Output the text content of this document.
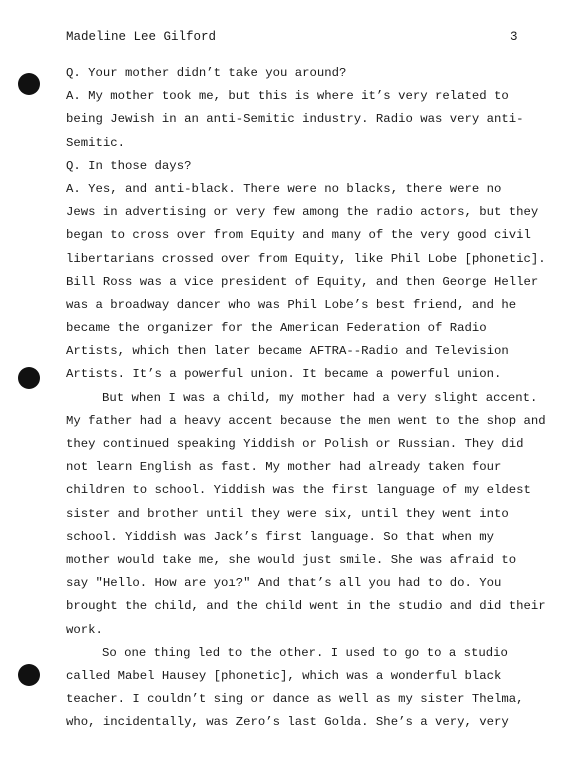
Madeline Lee Gilford	3
Q. Your mother didn’t take you around?
A. My mother took me, but this is where it’s very related to
being Jewish in an anti-Semitic industry. Radio was very anti-
Semitic.
Q. In those days?
A. Yes, and anti-black. There were no blacks, there were no
Jews in advertising or very few among the radio actors, but they
began to cross over from Equity and many of the very good civil
libertarians crossed over from Equity, like Phil Lobe [phonetic].
Bill Ross was a vice president of Equity, and then George Heller
was a broadway dancer who was Phil Lobe’s best friend, and he
became the organizer for the American Federation of Radio
Artists, which then later became AFTRA--Radio and Television
Artists. It’s a powerful union. It became a powerful union.
But when I was a child, my mother had a very slight accent.
My father had a heavy accent because the men went to the shop and
they continued speaking Yiddish or Polish or Russian. They did
not learn English as fast. My mother had already taken four
children to school. Yiddish was the first language of my eldest
sister and brother until they were six, until they went into
school. Yiddish was Jack’s first language. So that when my
mother would take me, she would just smile. She was afraid to
say "Hello. How are yoı?" And that’s all you had to do. You
brought the child, and the child went in the studio and did their
work.
So one thing led to the other. I used to go to a studio
called Mabel Hausey [phonetic], which was a wonderful black
teacher. I couldn’t sing or dance as well as my sister Thelma,
who, incidentally, was Zero’s last Golda. She’s a very, very
